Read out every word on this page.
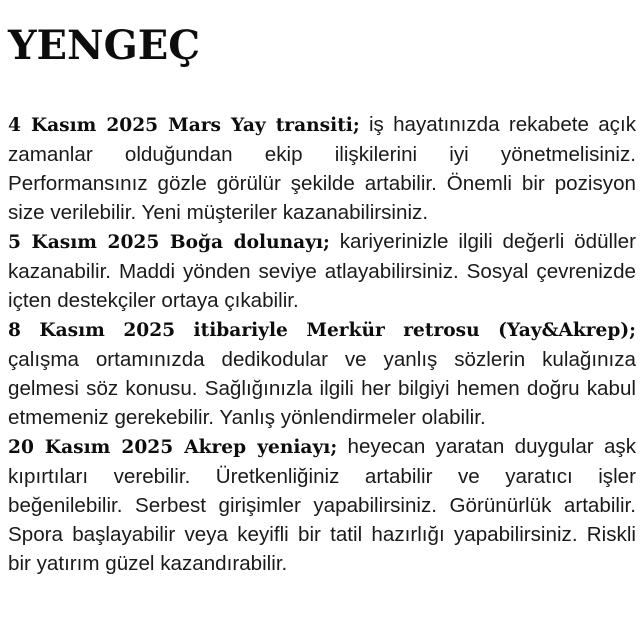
YENGEÇ

4 Kasım 2025 Mars Yay transiti; iş hayatınızda rekabete açık zamanlar olduğundan ekip ilişkilerini iyi yönetmelisiniz. Performansınız gözle görülür şekilde artabilir. Önemli bir pozisyon size verilebilir. Yeni müşteriler kazanabilirsiniz.

5 Kasım 2025 Boğa dolunayı; kariyerinizle ilgili değerli ödüller kazanabilir. Maddi yönden seviye atlayabilirsiniz. Sosyal çevrenizde içten destekçiler ortaya çıkabilir.

8 Kasım 2025 itibariyle Merkür retrosu (Yay&Akrep); çalışma ortamınızda dedikodular ve yanlış sözlerin kulağınıza gelmesi söz konusu. Sağlığınızla ilgili her bilgiyi hemen doğru kabul etmemeniz gerekebilir. Yanlış yönlendirmeler olabilir.

20 Kasım 2025 Akrep yeniayı; heyecan yaratan duygular aşk kıpırtıları verebilir. Üretkenliğiniz artabilir ve yaratıcı işler beğenilebilir. Serbest girişimler yapabilirsiniz. Görünürlük artabilir. Spora başlayabilir veya keyifli bir tatil hazırlığı yapabilirsiniz. Riskli bir yatırım güzel kazandırabilir.
